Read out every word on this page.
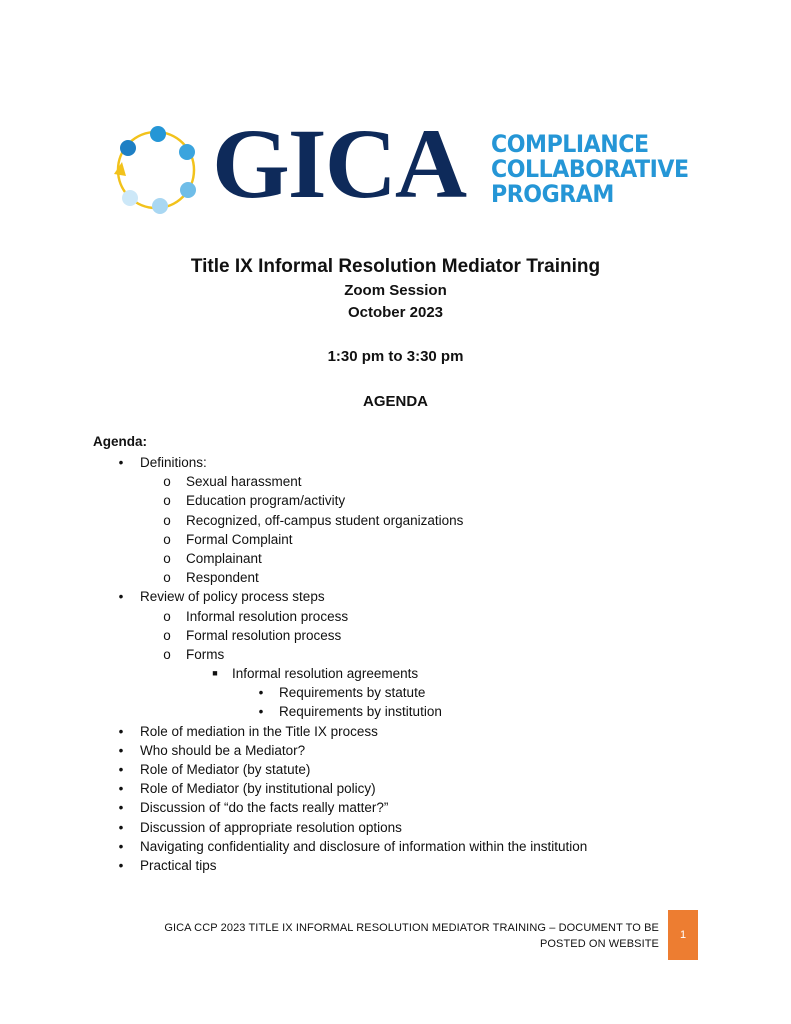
GICA COMPLIANCE
COLLABORATIVE
PROGRAM
Title IX Informal Resolution Mediator Training
Zoom Session
October 2023
1:30 pm to 3:30 pm
AGENDA
Agenda:
•	Definitions:
o Sexual harassment
o Education program/activity
o Recognized, off-campus student organizations
o Formal Complaint
o Complainant
o Respondent
•	Review of policy process steps
o Informal resolution process
o Formal resolution process
o Forms
■	Informal resolution agreements
•	Requirements by statute
•	Requirements by institution
•	Role of mediation in the Title IX process
•	Who should be a Mediator?
•	Role of Mediator (by statute)
•	Role of Mediator (by institutional policy)
•	Discussion of “do the facts really matter?”
•	Discussion of appropriate resolution options
•	Navigating confidentiality and disclosure of information within the institution
•	Practical tips
GICA CCP 2023 TITLE IX INFORMAL RESOLUTION MEDIATOR TRAINING – DOCUMENT TO BE
POSTED ON WEBSITE
1
